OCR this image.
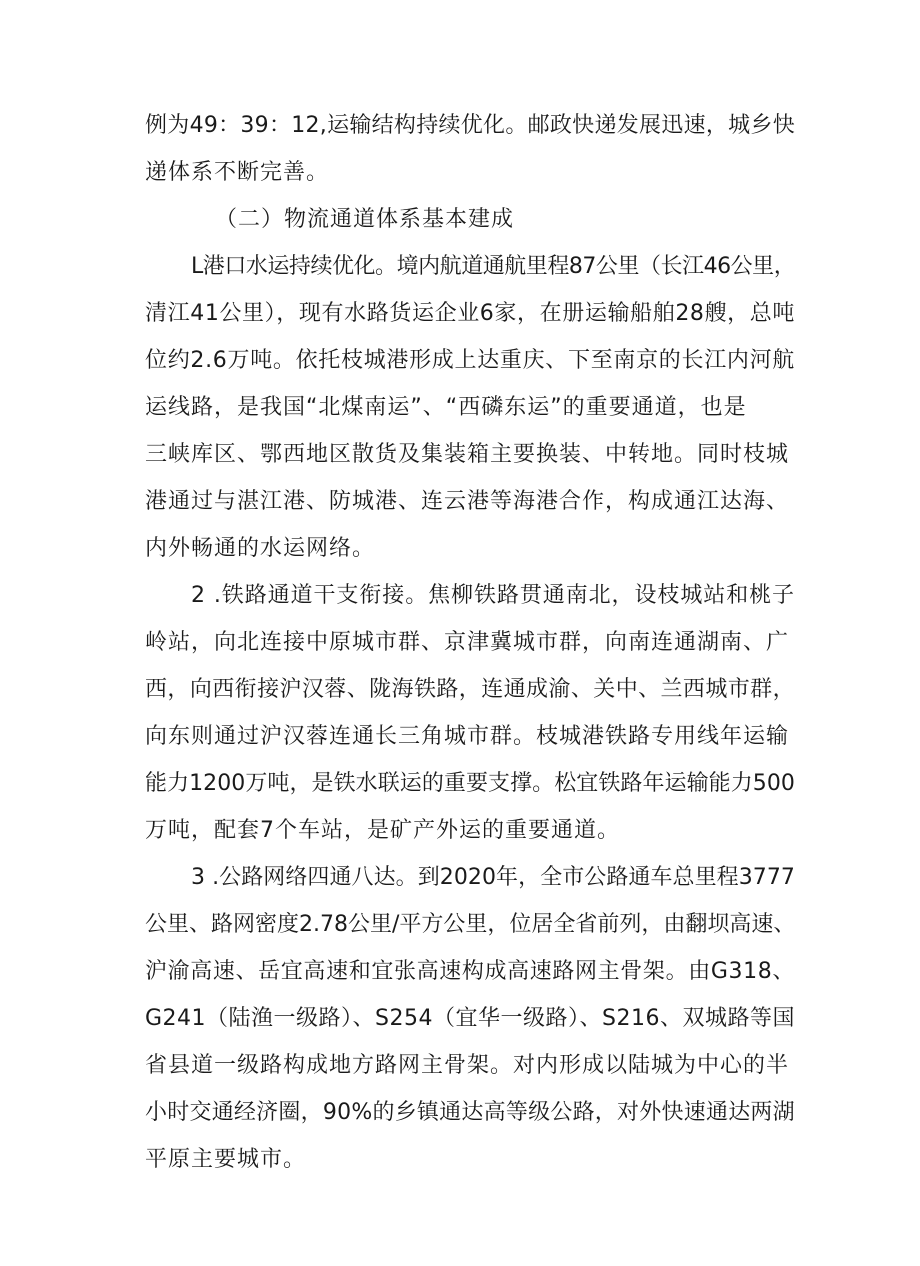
例为49：39：12,运输结构持续优化。邮政快递发展迅速，城乡快
递体系不断完善。
（二）物流通道体系基本建成
L港口水运持续优化。境内航道通航里程87公里（长江46公里，
清江41公里），现有水路货运企业6家，在册运输船舶28艘，总吨
位约2.6万吨。依托枝城港形成上达重庆、下至南京的长江内河航
运线路，是我国“北煤南运”、“西磷东运”的重要通道，也是
三峡库区、鄂西地区散货及集装箱主要换装、中转地。同时枝城
港通过与湛江港、防城港、连云港等海港合作，构成通江达海、
内外畅通的水运网络。
2 .铁路通道干支衔接。焦柳铁路贯通南北，设枝城站和桃子
岭站，向北连接中原城市群、京津冀城市群，向南连通湖南、广
西，向西衔接沪汉蓉、陇海铁路，连通成渝、关中、兰西城市群，
向东则通过沪汉蓉连通长三角城市群。枝城港铁路专用线年运输
能力1200万吨，是铁水联运的重要支撑。松宜铁路年运输能力500
万吨，配套7个车站，是矿产外运的重要通道。
3 .公路网络四通八达。到2020年，全市公路通车总里程3777
公里、路网密度2.78公里/平方公里，位居全省前列，由翻坝高速、
沪渝高速、岳宜高速和宜张高速构成高速路网主骨架。由G318、
G241（陆渔一级路）、S254（宜华一级路）、S216、双城路等国
省县道一级路构成地方路网主骨架。对内形成以陆城为中心的半
小时交通经济圈，90%的乡镇通达高等级公路，对外快速通达两湖
平原主要城市。
